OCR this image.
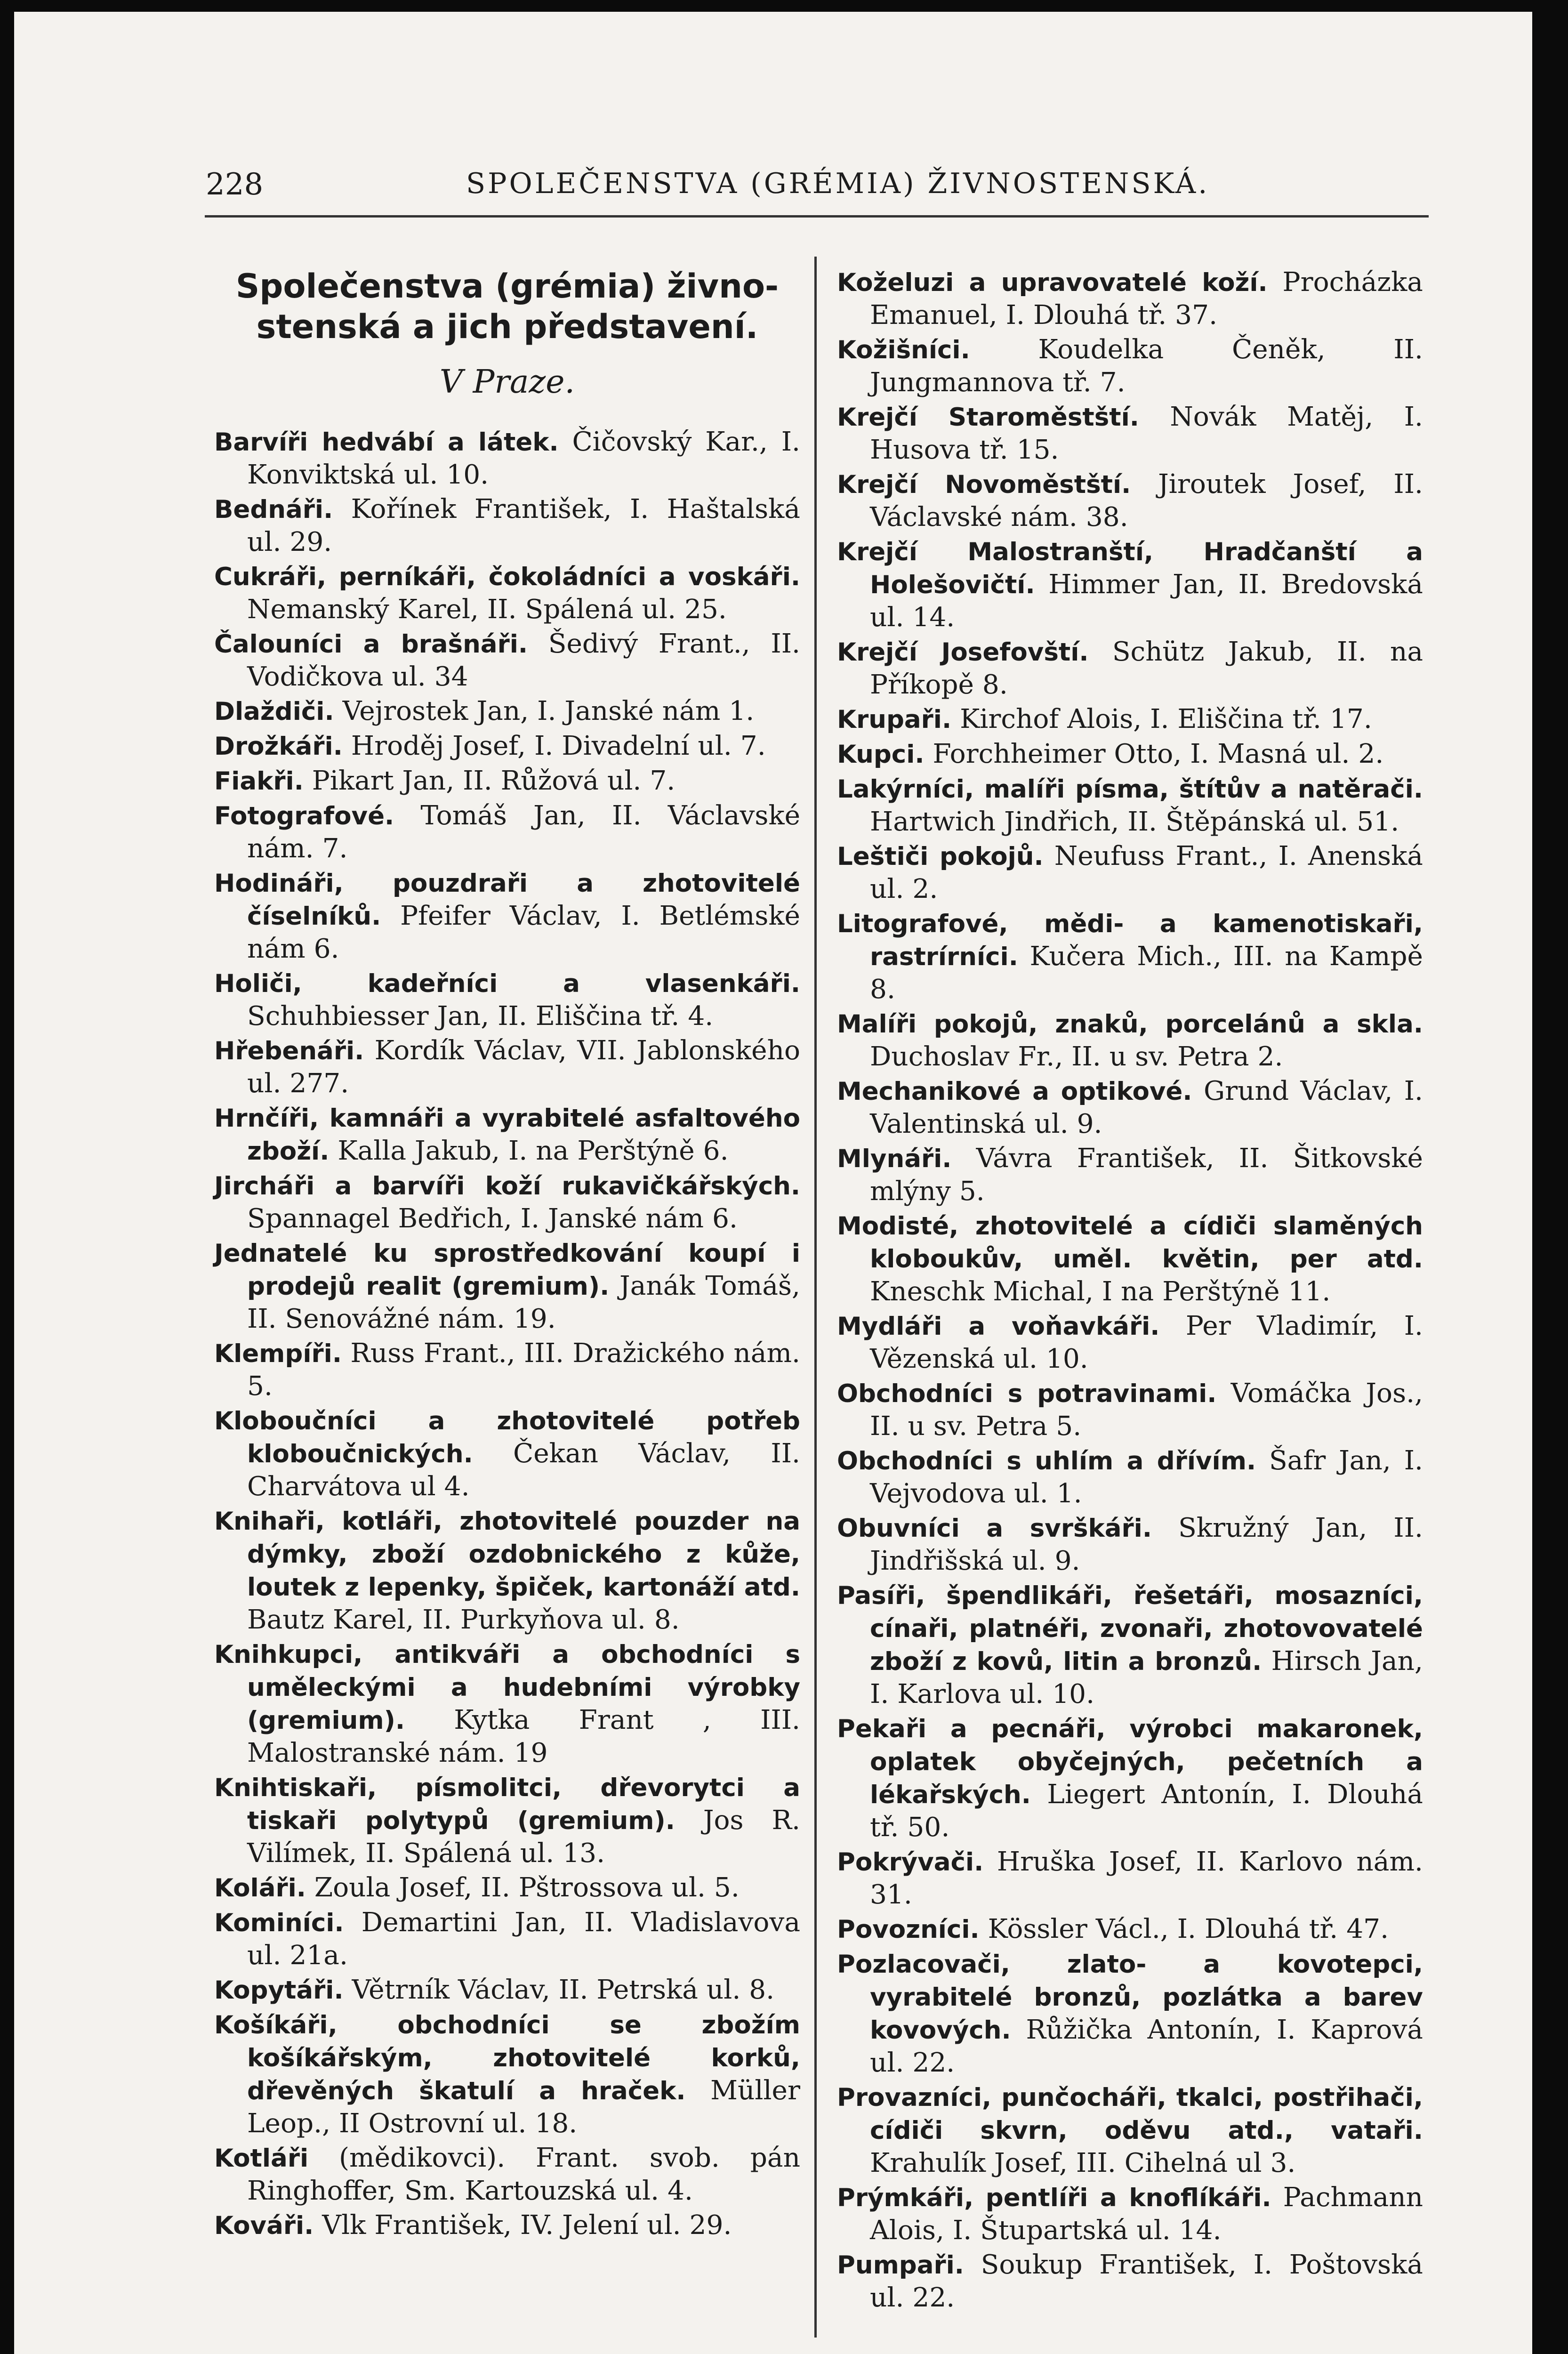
228	SPOLEČENSTVA (GRÉMIA) ŽIVNOSTENSKÁ.
Společenstva (grémia) živno-
stenská a jich představení.
V Praze.
Barvíři hedvábí a látek. Čičovský Kar., I. Konviktská ul. 10.
Bednáři. Kořínek František, I. Haštalská ul. 29.
Cukráři, perníkáři, čokoládníci a voskáři. Nemanský Karel, II. Spálená ul. 25.
Čalouníci a brašnáři. Šedivý Frant., II. Vodičkova ul. 34
Dlaždiči. Vejrostek Jan, I. Janské nám 1.
Drožkáři. Hroděj Josef, I. Divadelní ul. 7.
Fiakři. Pikart Jan, II. Růžová ul. 7.
Fotografové. Tomáš Jan, II. Václavské nám. 7.
Hodináři, pouzdraři a zhotovitelé číselníků. Pfeifer Václav, I. Betlémské nám 6.
Holiči, kadeřníci a vlasenkáři. Schuhbiesser Jan, II. Eliščina tř. 4.
Hřebenáři. Kordík Václav, VII. Jablonského ul. 277.
Hrnčíři, kamnáři a vyrabitelé asfaltového zboží. Kalla Jakub, I. na Perštýně 6.
Jircháři a barvíři koží rukavičkářských. Spannagel Bedřich, I. Janské nám 6.
Jednatelé ku sprostředkování koupí i prodejů realit (gremium). Janák Tomáš, II. Senovážné nám. 19.
Klempíři. Russ Frant., III. Dražického nám. 5.
Kloboučníci a zhotovitelé potřeb kloboučnických. Čekan Václav, II. Charvátova ul 4.
Knihaři, kotláři, zhotovitelé pouzder na dýmky, zboží ozdobnického z kůže, loutek z lepenky, špiček, kartonáží atd. Bautz Karel, II. Purkyňova ul. 8.
Knihkupci, antikváři a obchodníci s uměleckými a hudebními výrobky (gremium). Kytka Frant , III. Malostranské nám. 19
Knihtiskaři, písmolitci, dřevorytci a tiskaři polytypů (gremium). Jos R. Vilímek, II. Spálená ul. 13.
Koláři. Zoula Josef, II. Pštrossova ul. 5.
Kominíci. Demartini Jan, II. Vladislavova ul. 21a.
Kopytáři. Větrník Václav, II. Petrská ul. 8.
Košíkáři, obchodníci se zbožím košíkářským, zhotovitelé korků, dřevěných škatulí a hraček. Müller Leop., II Ostrovní ul. 18.
Kotláři (mědikovci). Frant. svob. pán Ringhoffer, Sm. Kartouzská ul. 4.
Kováři. Vlk František, IV. Jelení ul. 29.
Koželuzi a upravovatelé koží. Procházka Emanuel, I. Dlouhá tř. 37.
Kožišníci.	Koudelka Čeněk, II. Jungmannova tř. 7.
Krejčí Staroměstští. Novák Matěj, I. Husova tř. 15.
Krejčí Novoměstští. Jiroutek Josef, II. Václavské nám. 38.
Krejčí Malostranští, Hradčanští a Holešovičtí. Himmer Jan, II. Bredovská ul. 14.
Krejčí Josefovští. Schütz Jakub, II. na Příkopě 8.
Krupaři. Kirchof Alois, I. Eliščina tř. 17.
Kupci. Forchheimer Otto, I. Masná ul. 2.
Lakýrníci, malíři písma, štítův a natěrači. Hartwich Jindřich, II. Štěpánská ul. 51.
Leštiči pokojů. Neufuss Frant., I. Anenská ul. 2.
Litografové, mědi- a kamenotiskaři, rastrírníci. Kučera Mich., III. na Kampě 8.
Malíři pokojů, znaků, porcelánů a skla. Duchoslav Fr., II. u sv. Petra 2.
Mechanikové a optikové. Grund Václav, I. Valentinská ul. 9.
Mlynáři. Vávra František, II. Šitkovské mlýny 5.
Modisté, zhotovitelé a cídiči slaměných kloboukův, uměl. květin, per atd. Kneschk Michal, I na Perštýně 11.
Mydláři a voňavkáři. Per Vladimír, I. Vězenská ul. 10.
Obchodníci s potravinami. Vomáčka Jos., II. u sv. Petra 5.
Obchodníci s uhlím a dřívím. Šafr Jan, I. Vejvodova ul. 1.
Obuvníci a svrškáři. Skružný Jan, II. Jindřišská ul. 9.
Pasíři, špendlikáři, řešetáři, mosazníci, cínaři, platnéři, zvonaři, zhotovovatelé zboží z kovů, litin a bronzů. Hirsch Jan, I. Karlova ul. 10.
Pekaři a pecnáři, výrobci makaronek, oplatek obyčejných, pečetních a lékařských. Liegert Antonín, I. Dlouhá tř. 50.
Pokrývači. Hruška Josef, II. Karlovo nám. 31.
Povozníci. Kössler Václ., I. Dlouhá tř. 47.
Pozlacovači, zlato- a kovotepci, vyrabitelé bronzů, pozlátka a barev kovových. Růžička Antonín, I. Kaprová ul. 22.
Provazníci, punčocháři, tkalci, postřihači, cídiči skvrn, oděvu atd., vataři. Krahulík Josef, III. Cihelná ul 3.
Prýmkáři, pentlíři a knoflíkáři. Pachmann Alois, I. Štupartská ul. 14.
Pumpaři. Soukup František, I. Poštovská ul. 22.
